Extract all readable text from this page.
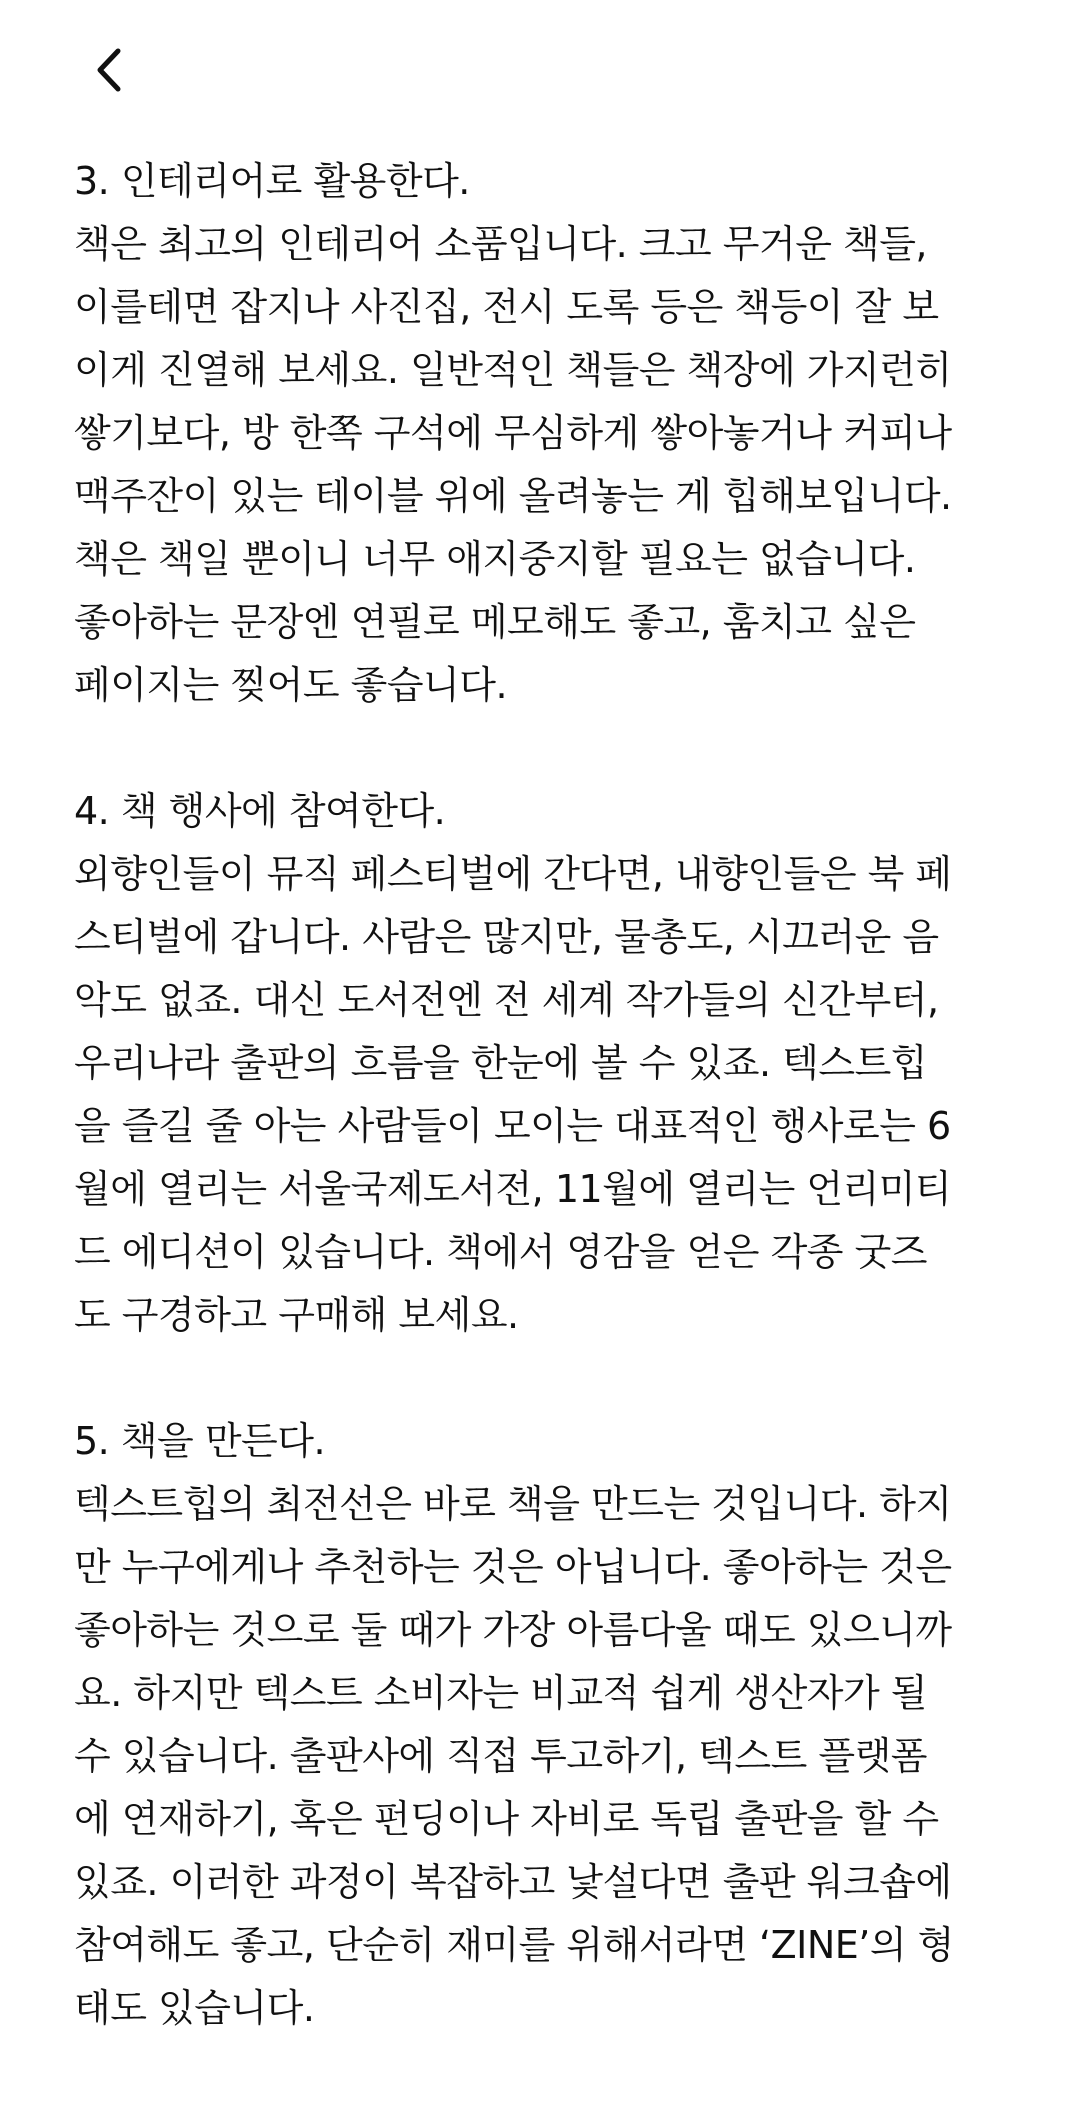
3. 인테리어로 활용한다.
책은 최고의 인테리어 소품입니다. 크고 무거운 책들,
이를테면 잡지나 사진집, 전시 도록 등은 책등이 잘 보
이게 진열해 보세요. 일반적인 책들은 책장에 가지런히
쌓기보다, 방 한쪽 구석에 무심하게 쌓아놓거나 커피나
맥주잔이 있는 테이블 위에 올려놓는 게 힙해보입니다.
책은 책일 뿐이니 너무 애지중지할 필요는 없습니다.
좋아하는 문장엔 연필로 메모해도 좋고, 훔치고 싶은
페이지는 찢어도 좋습니다.
4. 책 행사에 참여한다.
외향인들이 뮤직 페스티벌에 간다면, 내향인들은 북 페
스티벌에 갑니다. 사람은 많지만, 물총도, 시끄러운 음
악도 없죠. 대신 도서전엔 전 세계 작가들의 신간부터,
우리나라 출판의 흐름을 한눈에 볼 수 있죠. 텍스트힙
을 즐길 줄 아는 사람들이 모이는 대표적인 행사로는 6
월에 열리는 서울국제도서전, 11월에 열리는 언리미티
드 에디션이 있습니다. 책에서 영감을 얻은 각종 굿즈
도 구경하고 구매해 보세요.
5. 책을 만든다.
텍스트힙의 최전선은 바로 책을 만드는 것입니다. 하지
만 누구에게나 추천하는 것은 아닙니다. 좋아하는 것은
좋아하는 것으로 둘 때가 가장 아름다울 때도 있으니까
요. 하지만 텍스트 소비자는 비교적 쉽게 생산자가 될
수 있습니다. 출판사에 직접 투고하기, 텍스트 플랫폼
에 연재하기, 혹은 펀딩이나 자비로 독립 출판을 할 수
있죠. 이러한 과정이 복잡하고 낯설다면 출판 워크숍에
참여해도 좋고, 단순히 재미를 위해서라면 ‘ZINE’의 형
태도 있습니다.
